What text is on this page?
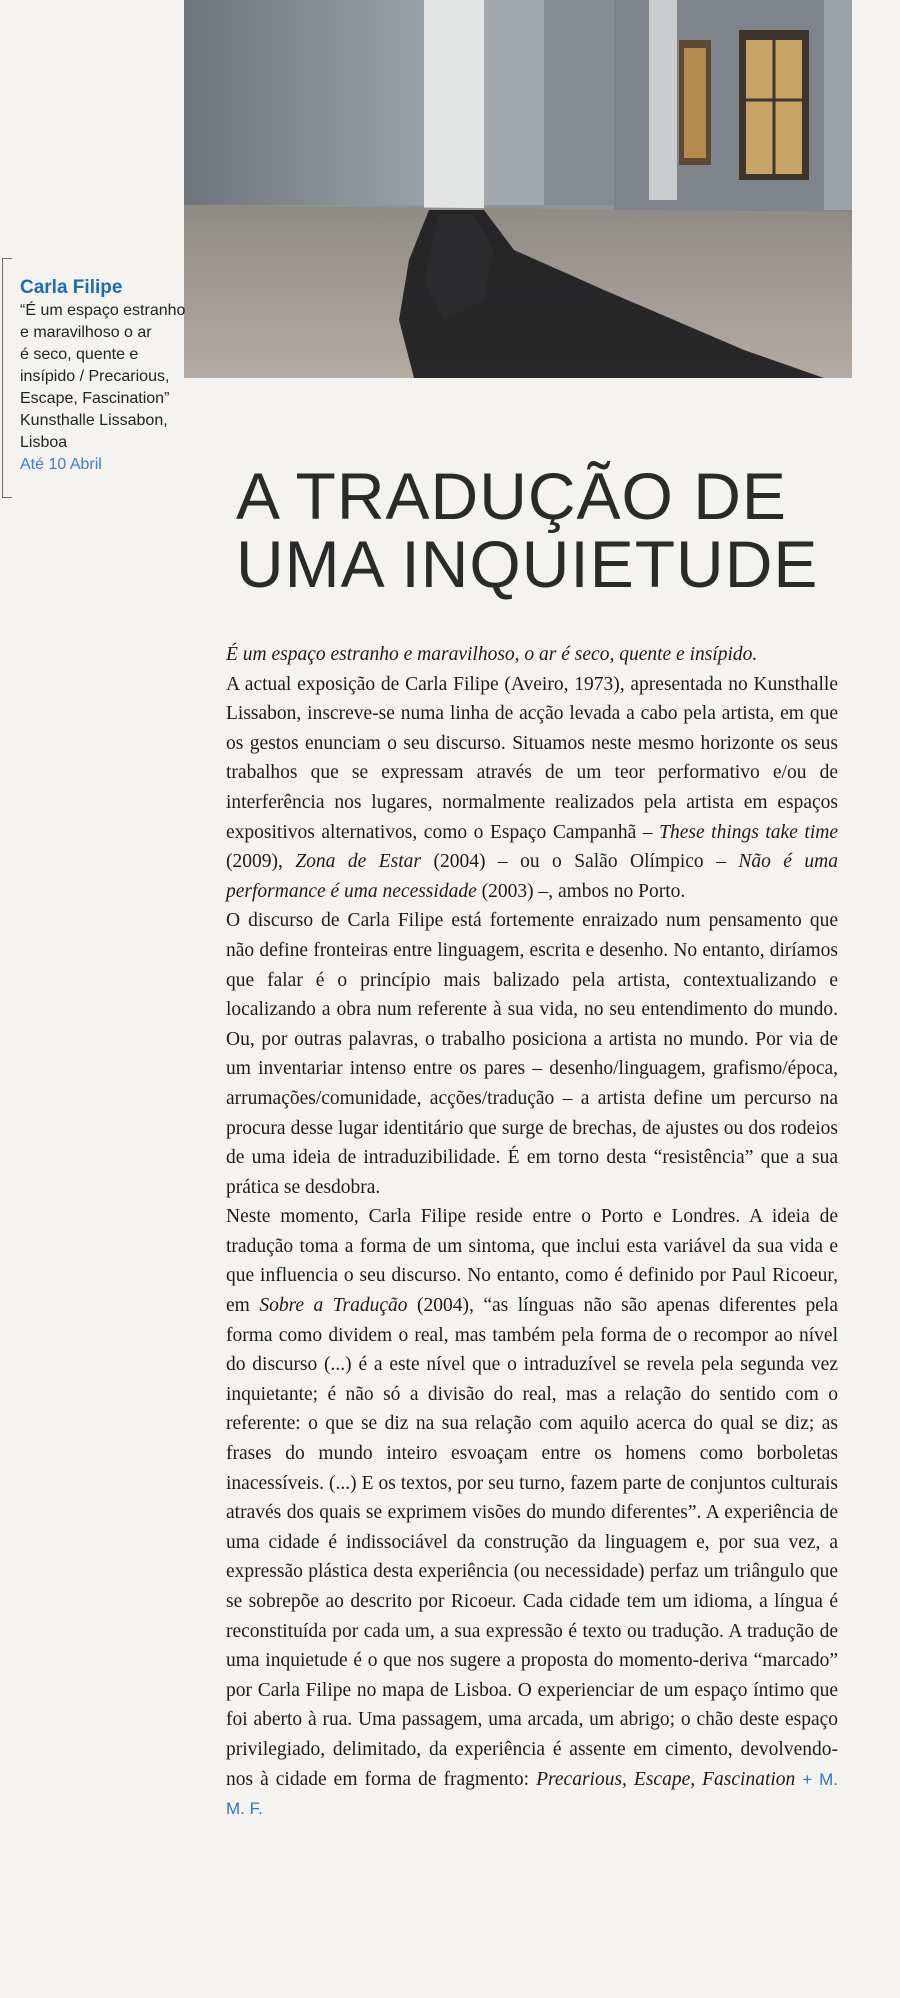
Carla Filipe
“É um espaço estranho
e maravilhoso o ar
é seco, quente e
insípido / Precarious,
Escape, Fascination”
Kunsthalle Lissabon,
Lisboa
Até 10 Abril	A TRADUÇÃO DE
UMA INQUIETUDE

É um espaço estranho e maravilhoso, o ar é seco, quente e insípido.

A actual exposição de Carla Filipe (Aveiro, 1973), apresentada no Kunsthalle Lissabon, inscreve-se numa linha de acção levada a cabo pela artista, em que os gestos enunciam o seu discurso. Situamos neste mesmo horizonte os seus trabalhos que se expressam através de um teor performativo e/ou de interferência nos lugares, normalmente realizados pela artista em espaços expositivos alternativos, como o Espaço Campanhã – These things take time (2009), Zona de Estar (2004) – ou o Salão Olímpico – Não é uma performance é uma necessidade (2003) –, ambos no Porto.

O discurso de Carla Filipe está fortemente enraizado num pensamento que não define fronteiras entre linguagem, escrita e desenho. No entanto, diríamos que falar é o princípio mais balizado pela artista, contextualizando e localizando a obra num referente à sua vida, no seu entendimento do mundo. Ou, por outras palavras, o trabalho posiciona a artista no mundo. Por via de um inventariar intenso entre os pares – desenho/linguagem, grafismo/época, arrumações/comunidade, acções/tradução – a artista define um percurso na procura desse lugar identitário que surge de brechas, de ajustes ou dos rodeios de uma ideia de intraduzibilidade. É em torno desta “resistência” que a sua prática se desdobra.

Neste momento, Carla Filipe reside entre o Porto e Londres. A ideia de tradução toma a forma de um sintoma, que inclui esta variável da sua vida e que influencia o seu discurso. No entanto, como é definido por Paul Ricoeur, em Sobre a Tradução (2004), “as línguas não são apenas diferentes pela forma como dividem o real, mas também pela forma de o recompor ao nível do discurso (...) é a este nível que o intraduzível se revela pela segunda vez inquietante; é não só a divisão do real, mas a relação do sentido com o referente: o que se diz na sua relação com aquilo acerca do qual se diz; as frases do mundo inteiro esvoaçam entre os homens como borboletas inacessíveis. (...) E os textos, por seu turno, fazem parte de conjuntos culturais através dos quais se exprimem visões do mundo diferentes”. A experiência de uma cidade é indissociável da construção da linguagem e, por sua vez, a expressão plástica desta experiência (ou necessidade) perfaz um triângulo que se sobrepõe ao descrito por Ricoeur. Cada cidade tem um idioma, a língua é reconstituída por cada um, a sua expressão é texto ou tradução. A tradução de uma inquietude é o que nos sugere a proposta do momento-deriva “marcado” por Carla Filipe no mapa de Lisboa. O experienciar de um espaço íntimo que foi aberto à rua. Uma passagem, uma arcada, um abrigo; o chão deste espaço privilegiado, delimitado, da experiência é assente em cimento, devolvendo-nos à cidade em forma de fragmento: Precarious, Escape, Fascination + M. M. F.
